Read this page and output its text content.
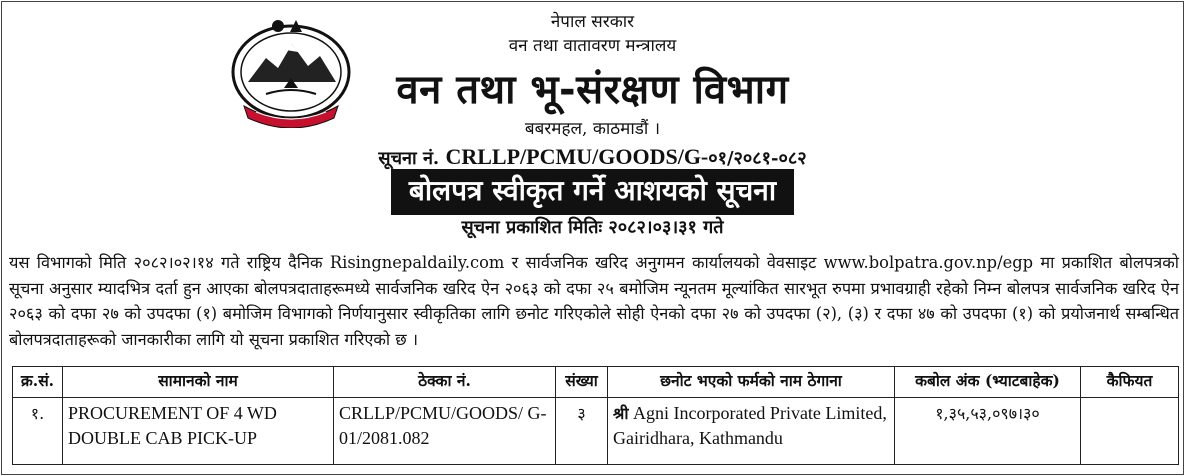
नेपाल सरकार
वन तथा वातावरण मन्त्रालय
वन तथा भू-संरक्षण विभाग
बबरमहल, काठमाडौं ।
सूचना नं. CRLLP/PCMU/GOODS/G-०१/२०८१-०८२
बोलपत्र स्वीकृत गर्ने आशयको सूचना
सूचना प्रकाशित मितिः २०८२।०३।३१ गते
यस विभागको मिति २०८२।०२।१४ गते राष्ट्रिय दैनिक Risingnepaldaily.com र सार्वजनिक खरिद अनुगमन कार्यालयको वेवसाइट www.bolpatra.gov.np/egp मा प्रकाशित बोलपत्रको सूचना अनुसार म्यादभित्र दर्ता हुन आएका बोलपत्रदाताहरूमध्ये सार्वजनिक खरिद ऐन २०६३ को दफा २५ बमोजिम न्यूनतम मूल्यांकित सारभूत रुपमा प्रभावग्राही रहेको निम्न बोलपत्र सार्वजनिक खरिद ऐन २०६३ को दफा २७ को उपदफा (१) बमोजिम विभागको निर्णयानुसार स्वीकृतिका लागि छनोट गरिएकोले सोही ऐनको दफा २७ को उपदफा (२), (३) र दफा ४७ को उपदफा (१) को प्रयोजनार्थ सम्बन्धित बोलपत्रदाताहरूको जानकारीका लागि यो सूचना प्रकाशित गरिएको छ ।
क्र.सं.	सामानको नाम	ठेक्का नं.	संख्या	छनोट भएको फर्मको नाम ठेगाना	कबोल अंक (भ्याटबाहेक)	कैफियत
१.	PROCUREMENT OF 4 WD DOUBLE CAB PICK-UP	CRLLP/PCMU/GOODS/ G-01/2081.082	३	श्री Agni Incorporated Private Limited, Gairidhara, Kathmandu	१,३५,५३,०९७।३०	
